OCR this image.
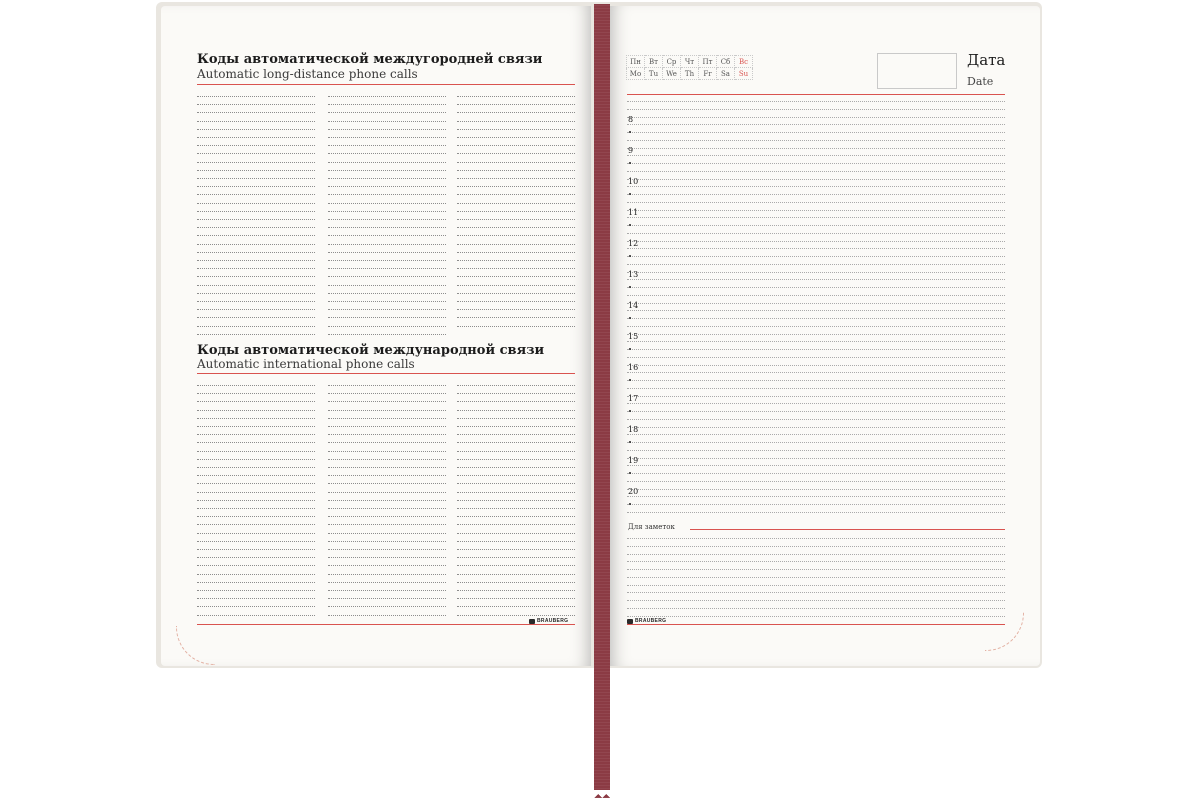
Коды автоматической междугородней связи
Automatic long-distance phone calls
Коды автоматической международной связи
Automatic international phone calls
BRAUBERG
Пн	Вт	Ср	Чт	Пт	Сб	Вс
Mo	Tu	We	Th	Fr	Sa	Su
Дата
Date
8
9
10
11
12
13
14
15
16
17
18
19
20
Для заметок
BRAUBERG
